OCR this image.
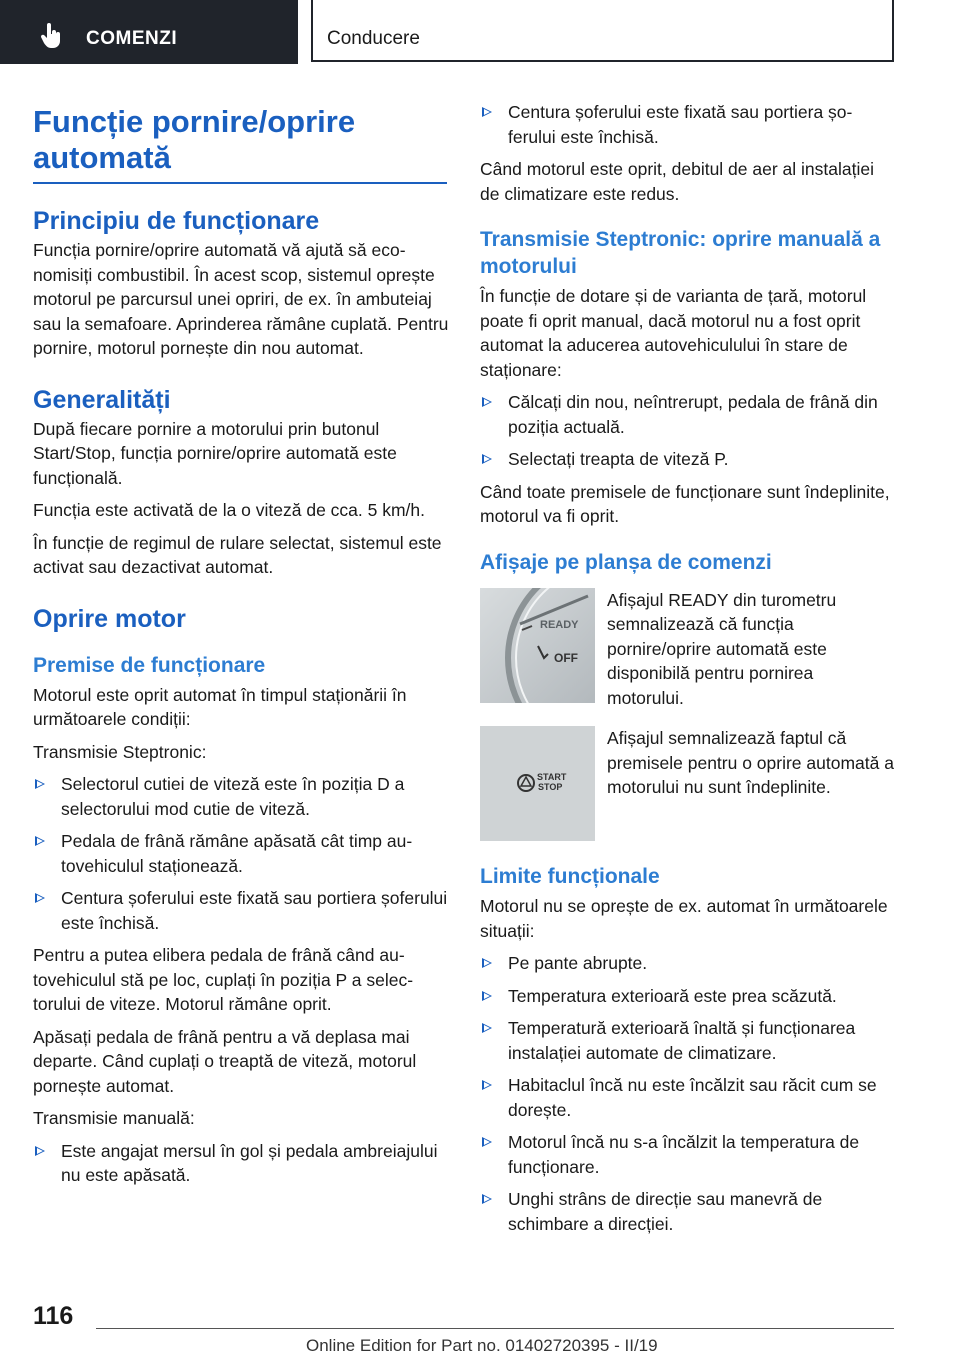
COMENZI	Conducere
Funcție pornire/oprire automată
Principiu de funcționare

Funcția pornire/oprire automată vă ajută să economisiți combustibil. În acest scop, sistemul oprește motorul pe parcursul unei opriri, de ex. în ambuteiaj sau la semafoare. Aprinderea rămâne cuplată. Pentru pornire, motorul pornește din nou automat.

Generalități

După fiecare pornire a motorului prin butonul Start/Stop, funcția pornire/oprire automată este funcțională.

Funcția este activată de la o viteză de cca. 5 km/h.

În funcție de regimul de rulare selectat, sistemul este activat sau dezactivat automat.

Oprire motor
Premise de funcționare

Motorul este oprit automat în timpul staționării în următoarele condiții:

Transmisie Steptronic:

Selectorul cutiei de viteză este în poziția D a selectorului mod cutie de viteză.
Pedala de frână rămâne apăsată cât timp autovehiculul staționează.
Centura șoferului este fixată sau portiera șoferului este închisă.

Pentru a putea elibera pedala de frână când autovehiculul stă pe loc, cuplați în poziția P a selectorului de viteze. Motorul rămâne oprit.

Apăsați pedala de frână pentru a vă deplasa mai departe. Când cuplați o treaptă de viteză, motorul pornește automat.

Transmisie manuală:

Este angajat mersul în gol și pedala ambreiajului nu este apăsată.
Centura șoferului este fixată sau portiera șoferului este închisă.

Când motorul este oprit, debitul de aer al instalației de climatizare este redus.

Transmisie Steptronic: oprire manuală a motorului

În funcție de dotare și de varianta de țară, motorul poate fi oprit manual, dacă motorul nu a fost oprit automat la aducerea autovehiculului în stare de staționare:

Călcați din nou, neîntrerupt, pedala de frână din poziția actuală.
Selectați treapta de viteză P.

Când toate premisele de funcționare sunt îndeplinite, motorul va fi oprit.

Afișaje pe planșa de comenzi
READY
OFF

Afișajul READY din turometru semnalizează că funcția pornire/oprire automată este disponibilă pentru pornirea motorului.

START
STOP

Afișajul semnalizează faptul că premisele pentru o oprire automată a motorului nu sunt îndeplinite.

Limite funcționale

Motorul nu se oprește de ex. automat în următoarele situații:

Pe pante abrupte.
Temperatura exterioară este prea scăzută.
Temperatură exterioară înaltă și funcționarea instalației automate de climatizare.
Habitaclul încă nu este încălzit sau răcit cum se dorește.
Motorul încă nu s-a încălzit la temperatura de funcționare.
Unghi strâns de direcție sau manevră de schimbare a direcției.
116
Online Edition for Part no. 01402720395 - II/19
